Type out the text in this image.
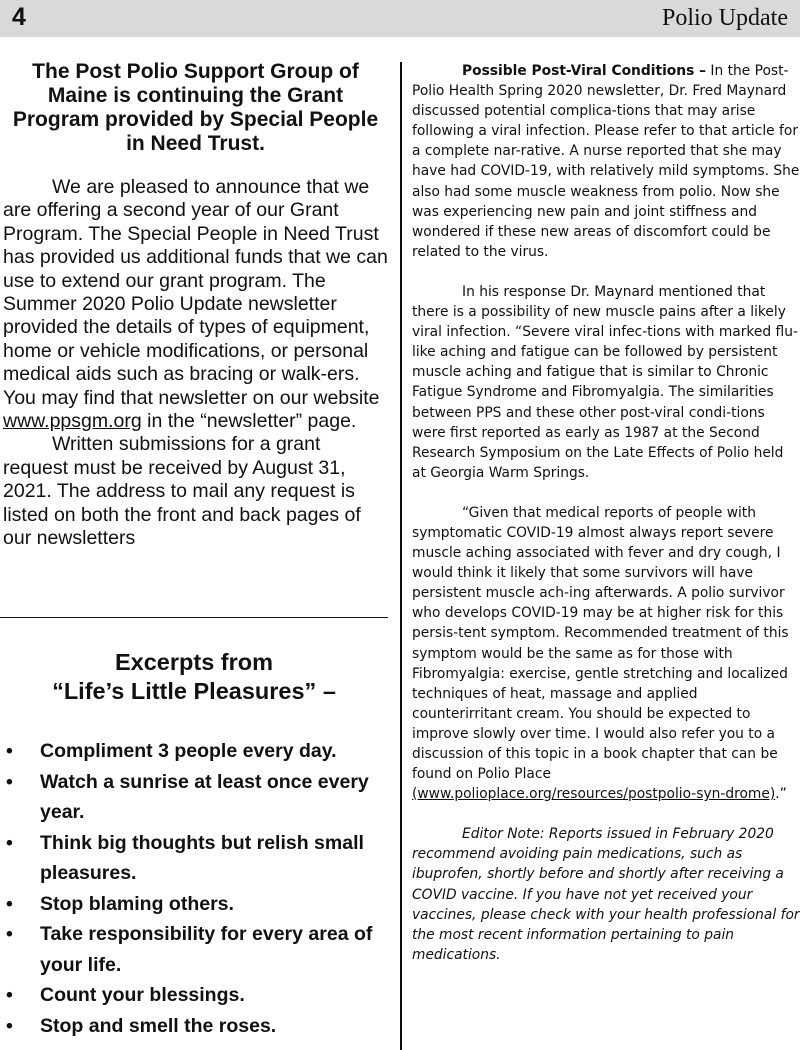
4	Polio Update
The Post Polio Support Group of Maine is continuing the Grant Program provided by Special People in Need Trust.

We are pleased to announce that we are offering a second year of our Grant Program. The Special People in Need Trust has provided us additional funds that we can use to extend our grant program. The Summer 2020 Polio Update newsletter provided the details of types of equipment, home or vehicle modifications, or personal medical aids such as bracing or walk-ers. You may find that newsletter on our website www.ppsgm.org in the “newsletter” page.

Written submissions for a grant request must be received by August 31, 2021. The address to mail any request is listed on both the front and back pages of our newsletters

Excerpts from
“Life’s Little Pleasures” –
• Compliment 3 people every day.
• Watch a sunrise at least once every year.
• Think big thoughts but relish small pleasures.
• Stop blaming others.
• Take responsibility for every area of your life.
• Count your blessings.
• Stop and smell the roses.

Possible Post-Viral Conditions – In the Post-Polio Health Spring 2020 newsletter, Dr. Fred Maynard discussed potential complica-tions that may arise following a viral infection. Please refer to that article for a complete nar-rative. A nurse reported that she may have had COVID-19, with relatively mild symptoms. She also had some muscle weakness from polio. Now she was experiencing new pain and joint stiffness and wondered if these new areas of discomfort could be related to the virus.

In his response Dr. Maynard mentioned that there is a possibility of new muscle pains after a likely viral infection. “Severe viral infec-tions with marked flu-like aching and fatigue can be followed by persistent muscle aching and fatigue that is similar to Chronic Fatigue Syndrome and Fibromyalgia. The similarities between PPS and these other post-viral condi-tions were first reported as early as 1987 at the Second Research Symposium on the Late Effects of Polio held at Georgia Warm Springs.

“Given that medical reports of people with symptomatic COVID-19 almost always report severe muscle aching associated with fever and dry cough, I would think it likely that some survivors will have persistent muscle ach-ing afterwards. A polio survivor who develops COVID-19 may be at higher risk for this persis-tent symptom. Recommended treatment of this symptom would be the same as for those with Fibromyalgia: exercise, gentle stretching and localized techniques of heat, massage and applied counterirritant cream. You should be expected to improve slowly over time. I would also refer you to a discussion of this topic in a book chapter that can be found on Polio Place (www.polioplace.org/resources/postpolio-syn-drome).”

Editor Note: Reports issued in February 2020 recommend avoiding pain medications, such as ibuprofen, shortly before and shortly after receiving a COVID vaccine. If you have not yet received your vaccines, please check with your health professional for the most recent information pertaining to pain medications.
